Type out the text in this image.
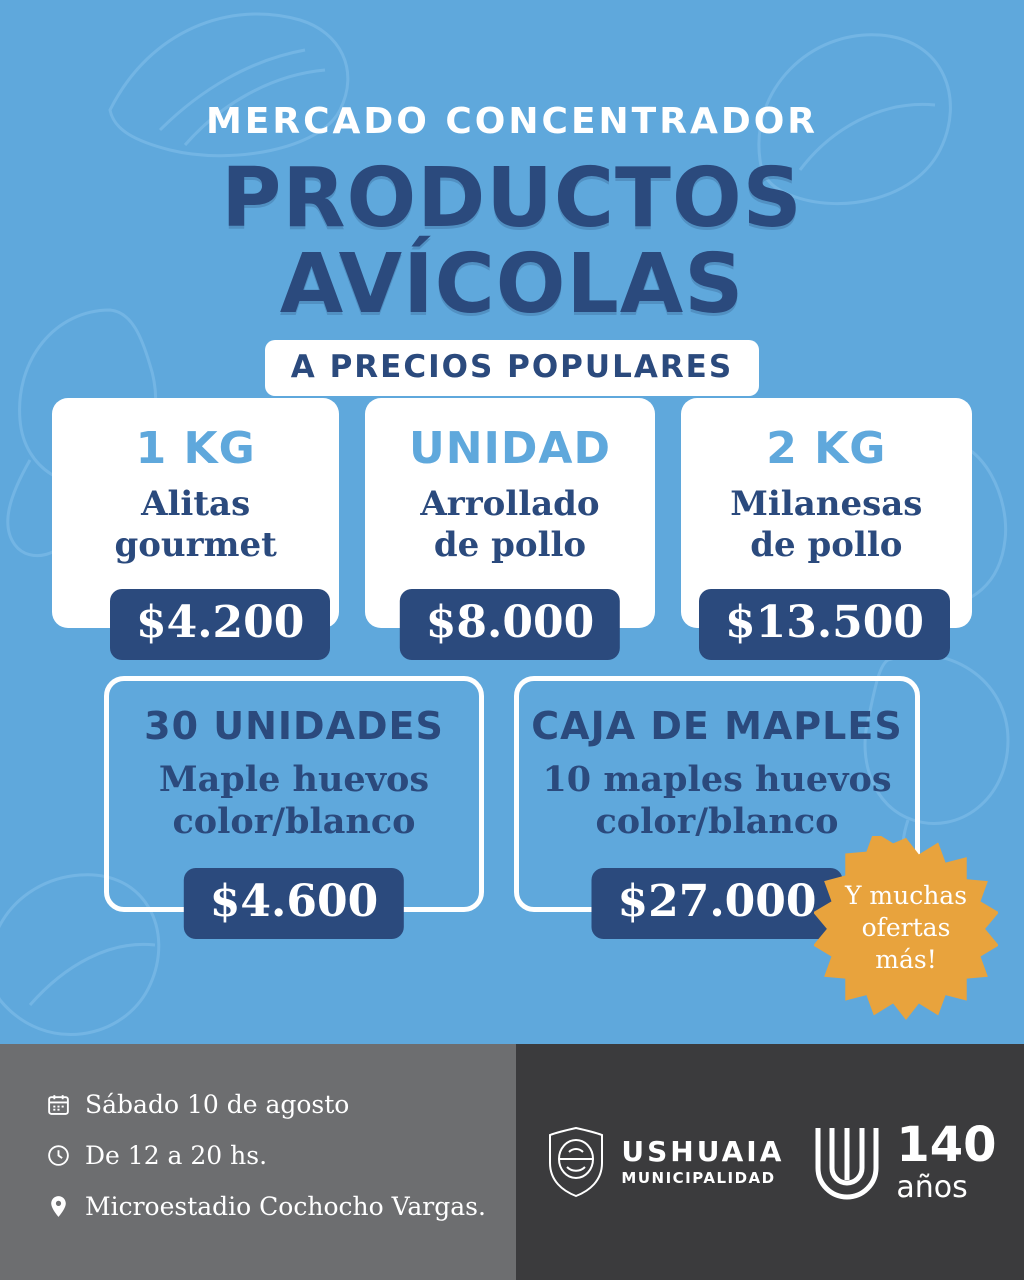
MERCADO CONCENTRADOR
PRODUCTOS AVÍCOLAS
A PRECIOS POPULARES
1 KG
Alitas
gourmet
$4.200
UNIDAD
Arrollado
de pollo
$8.000
2 KG
Milanesas
de pollo
$13.500
30 UNIDADES
Maple huevos
color/blanco
$4.600
CAJA DE MAPLES
10 maples huevos
color/blanco
$27.000	Y muchas
ofertas
más!
Sábado 10 de agosto
De 12 a 20 hs.
Microestadio Cochocho Vargas.
USHUAIA
MUNICIPALIDAD
140
años
